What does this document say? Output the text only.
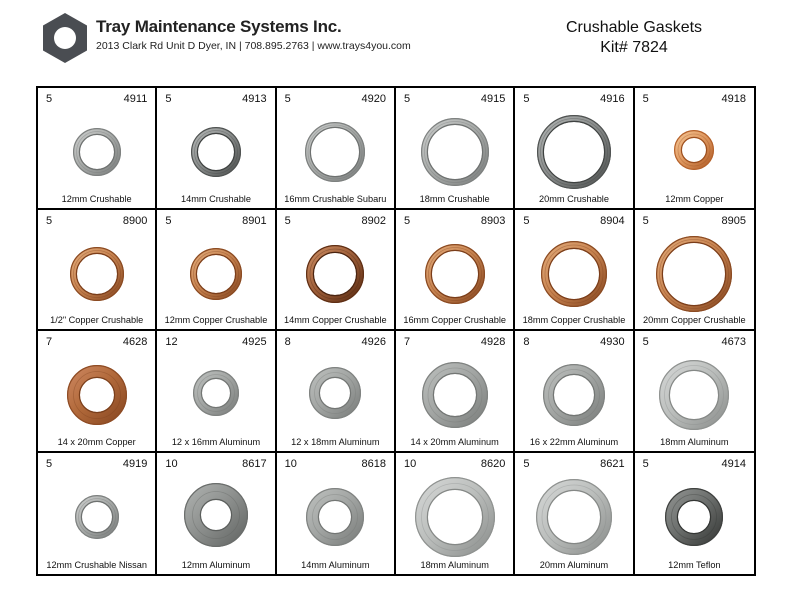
Tray Maintenance Systems Inc.
2013 Clark Rd Unit D Dyer, IN | 708.895.2763 | www.trays4you.com
Crushable Gaskets
Kit# 7824
5	4911
12mm Crushable
5	4913
14mm Crushable
5	4920
16mm Crushable Subaru
5	4915
18mm Crushable
5	4916
20mm Crushable
5	4918
12mm Copper
5	8900
1/2" Copper Crushable
5	8901
12mm Copper Crushable
5	8902
14mm Copper Crushable
5	8903
16mm Copper Crushable
5	8904
18mm Copper Crushable
5	8905
20mm Copper Crushable
7	4628
14 x 20mm Copper
12	4925
12 x 16mm Aluminum
8	4926
12 x 18mm Aluminum
7	4928
14 x 20mm Aluminum
8	4930
16 x 22mm Aluminum
5	4673
18mm Aluminum
5	4919
12mm Crushable Nissan
10	8617
12mm Aluminum
10	8618
14mm Aluminum
10	8620
18mm Aluminum
5	8621
20mm Aluminum
5	4914
12mm Teflon
